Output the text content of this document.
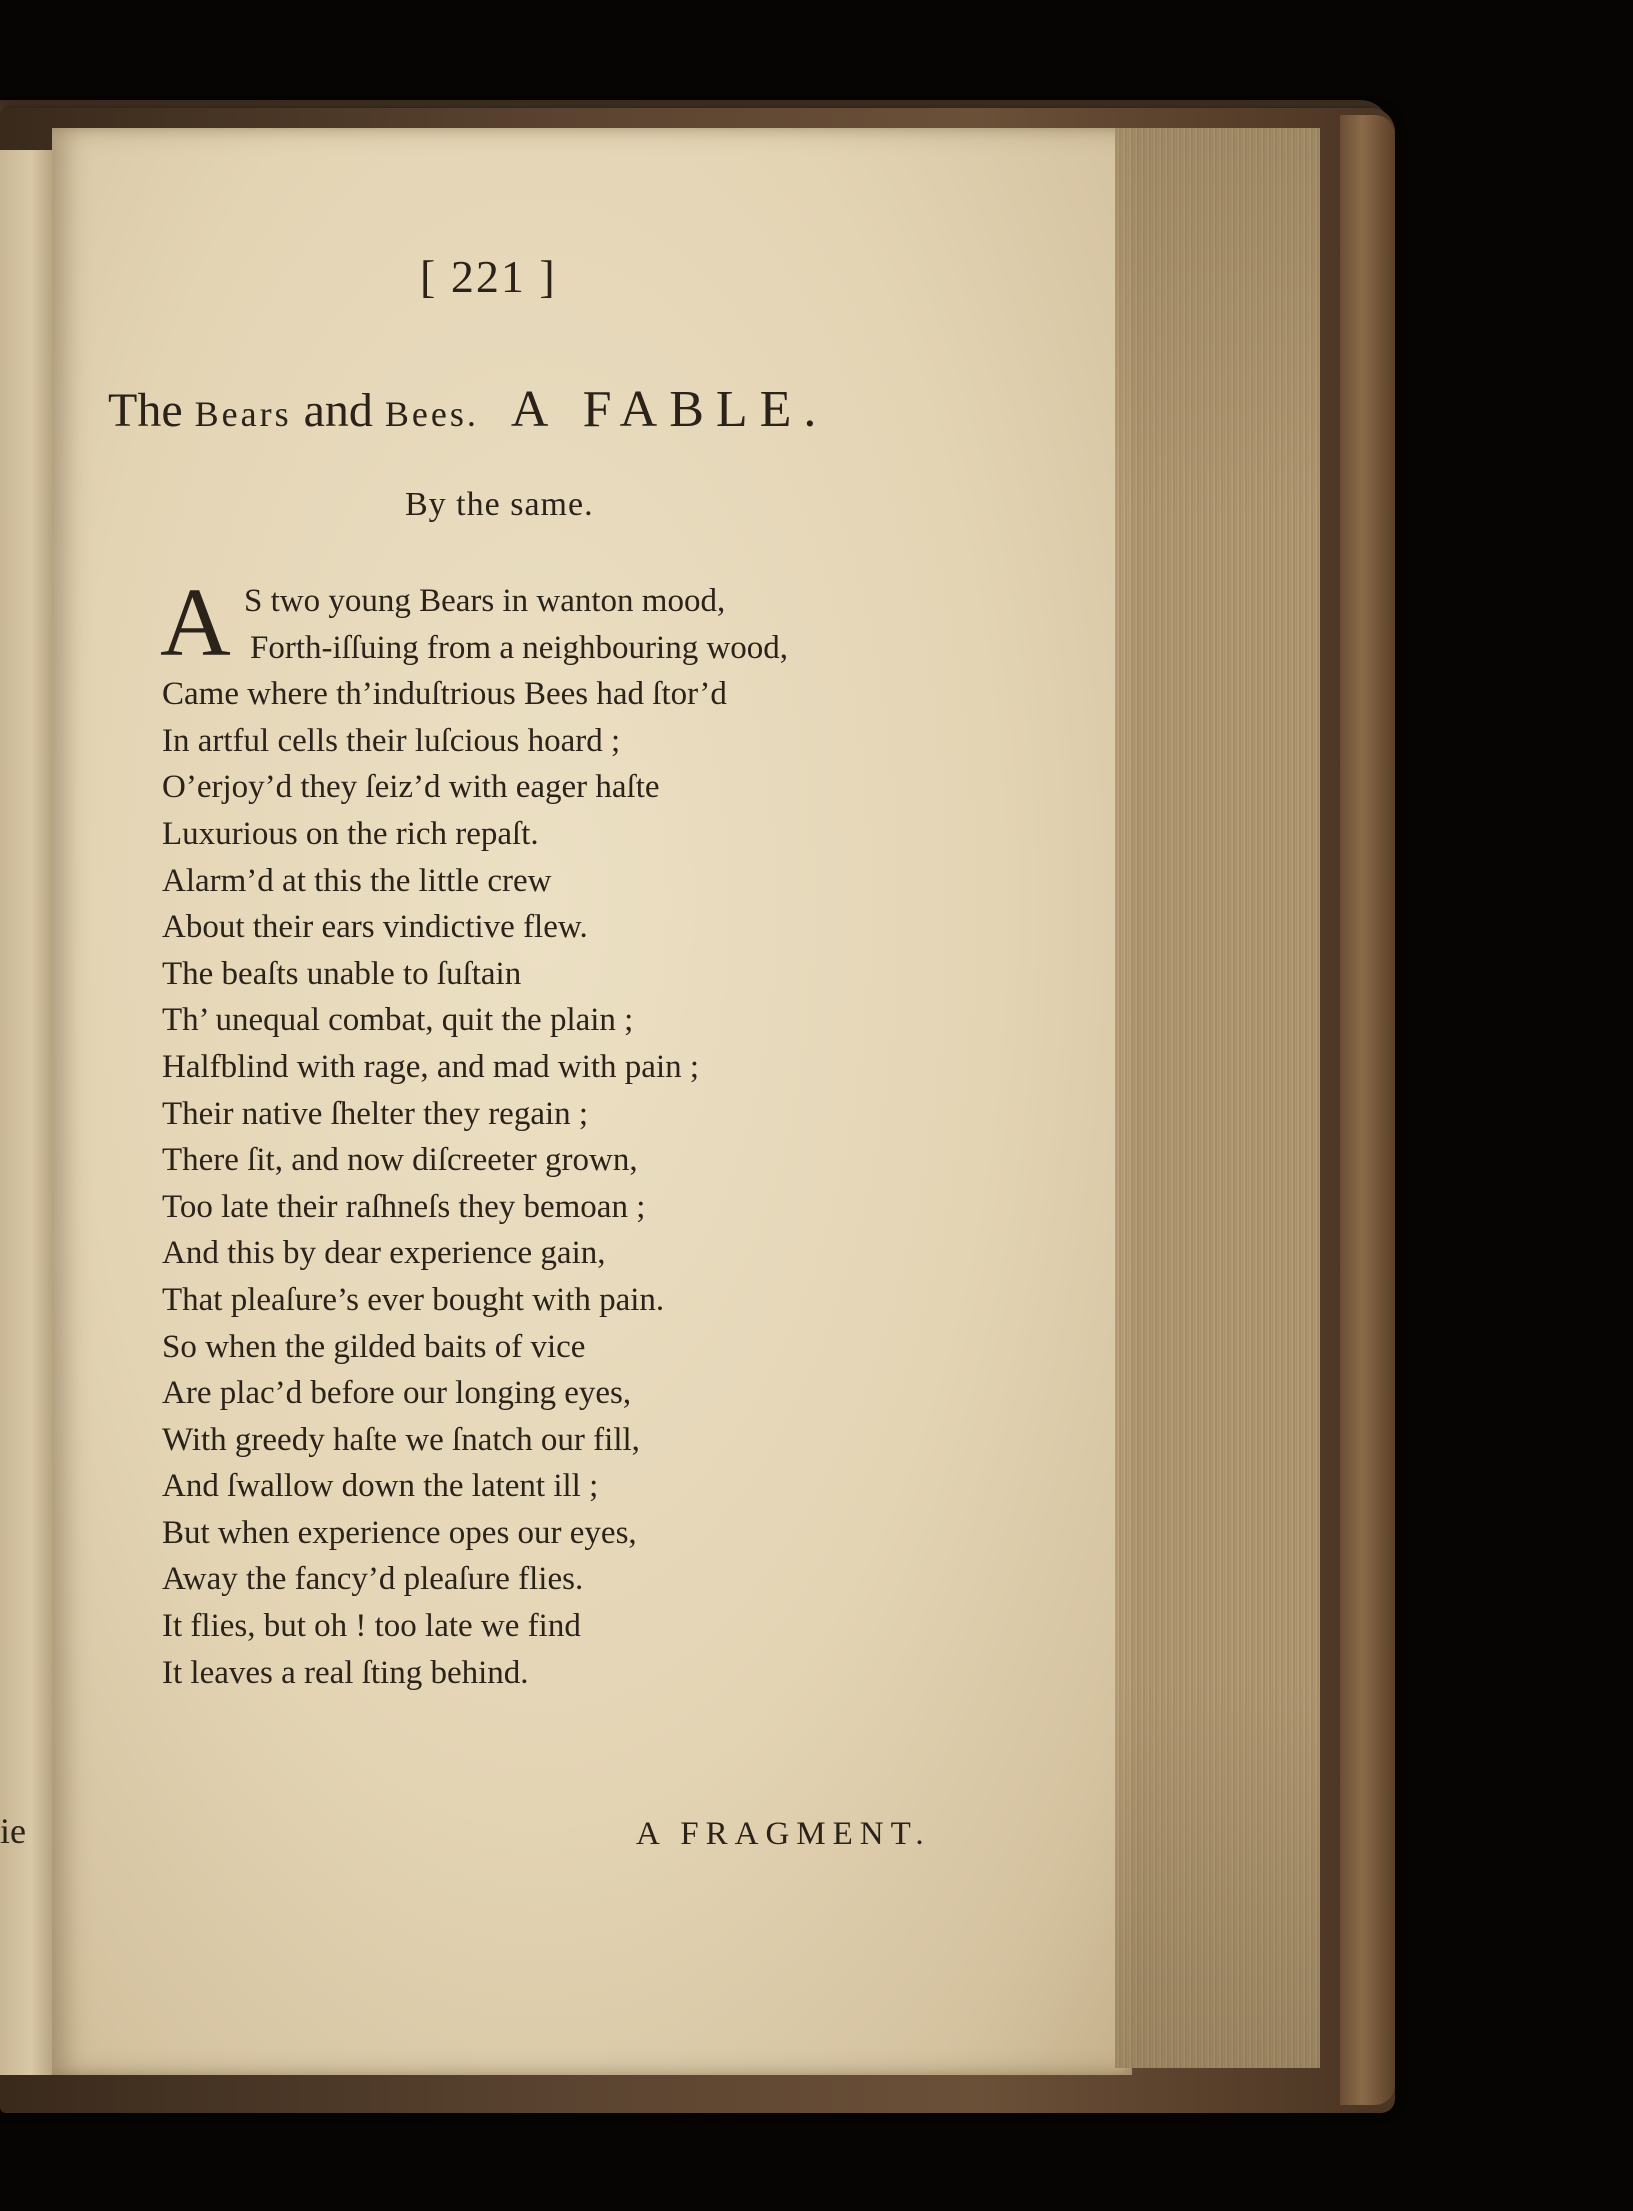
ie
[ 221 ]
The Bears and Bees. A FABLE.
By the same.
A S two young Bears in wanton mood,
Forth-iſſuing from a neighbouring wood,
Came where th’induſtrious Bees had ſtor’d
In artful cells their luſcious hoard ;
O’erjoy’d they ſeiz’d with eager haſte
Luxurious on the rich repaſt.
Alarm’d at this the little crew
About their ears vindictive flew.
The beaſts unable to ſuſtain
Th’ unequal combat, quit the plain ;
Halfblind with rage, and mad with pain ;
Their native ſhelter they regain ;
There ſit, and now diſcreeter grown,
Too late their raſhneſs they bemoan ;
And this by dear experience gain,
That pleaſure’s ever bought with pain.
So when the gilded baits of vice
Are plac’d before our longing eyes,
With greedy haſte we ſnatch our fill,
And ſwallow down the latent ill ;
But when experience opes our eyes,
Away the fancy’d pleaſure flies.
It flies, but oh ! too late we find
It leaves a real ſting behind.
A FRAGMENT.
